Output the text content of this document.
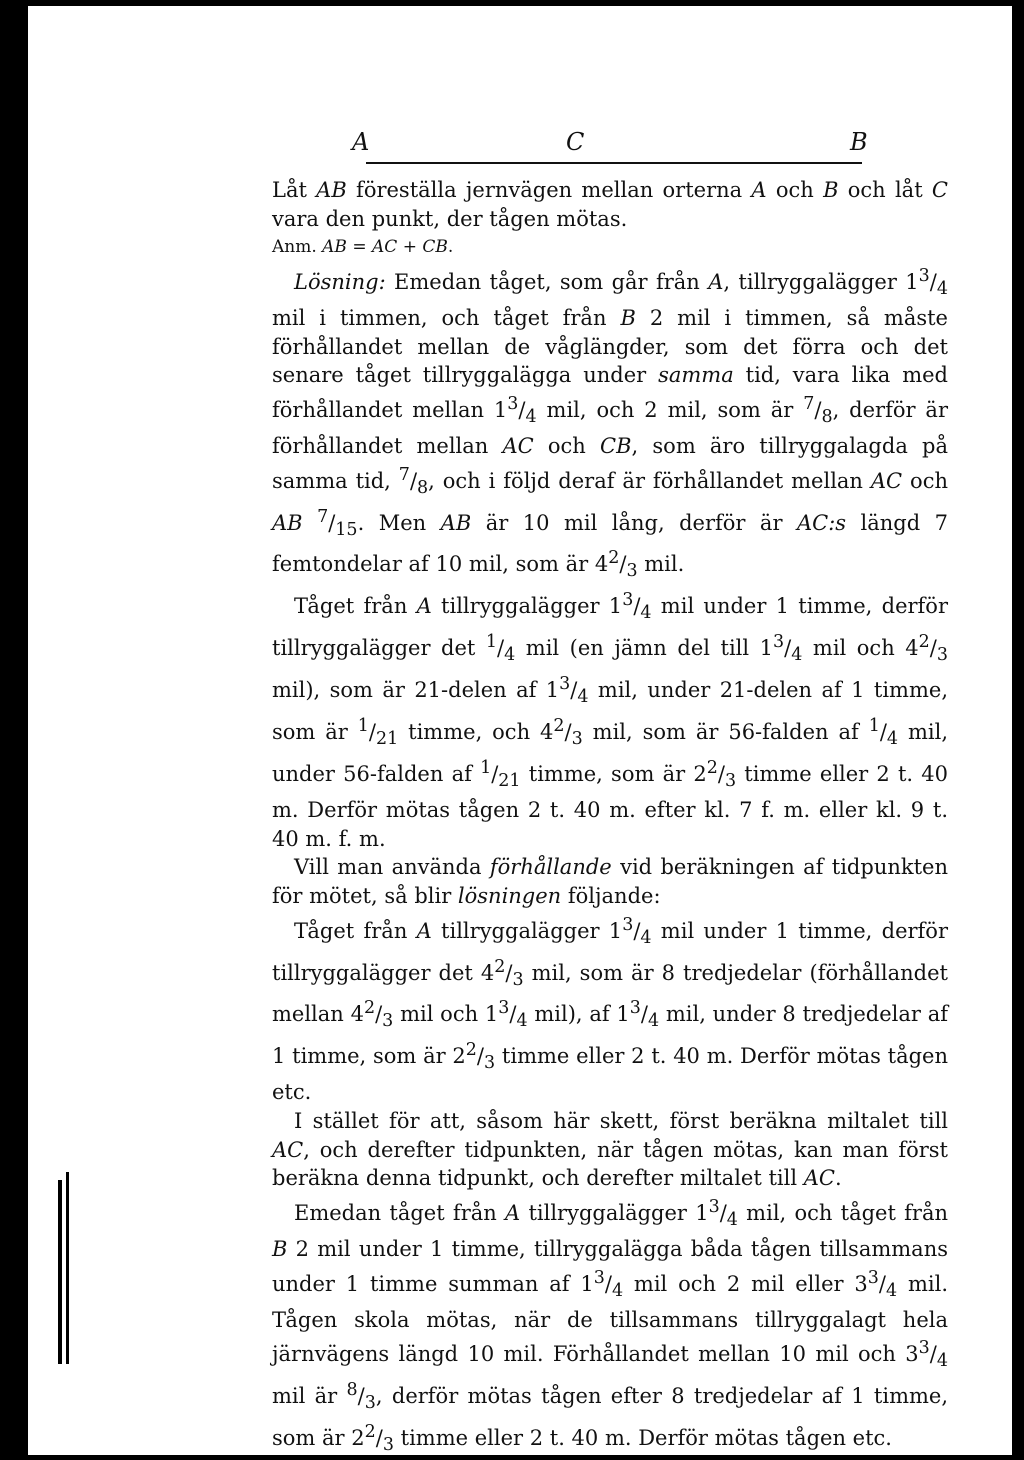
A	C	B

Låt AB föreställa jernvägen mellan orterna A och B och låt C vara den punkt, der tågen mötas.

Anm. AB = AC + CB.

Lösning: Emedan tåget, som går från A, tillryggalägger $1^3/_4$ mil i timmen, och tåget från B 2 mil i timmen, så måste förhållandet mellan de våglängder, som det förra och det senare tåget tillryggalägga under samma tid, vara lika med förhållandet mellan $1^3/_4$ mil, och 2 mil, som är $^7/_8$, derför är förhållandet mellan AC och CB, som äro tillryggalagda på samma tid, $^7/_8$, och i följd deraf är förhållandet mellan AC och AB $^7/_{15}$. Men AB är 10 mil lång, derför är AC:s längd 7 femtondelar af 10 mil, som är $4^2/_3$ mil.

Tåget från A tillryggalägger $1^3/_4$ mil under 1 timme, derför tillryggalägger $\det ^1/_4$ mil (en jämn del till $1^3/_4$ mil och $4^2/_3$ mil), som är 21-delen af $1^3/_4$ mil, under 21-delen af 1 timme, som är $^1/_{21}$ timme, och $4^2/_3$ mil, som är 56-falden af $^1/_4$ mil, under 56-falden af $^1/_{21}$ timme, som är $2^2/_3$ timme eller 2 t. 40 m. Derför mötas tågen 2 t. 40 m. efter kl. 7 f. m. eller kl. 9 t. 40 m. f. m.

Vill man använda förhållande vid beräkningen af tidpunkten för mötet, så blir lösningen följande:

Tåget från A tillryggalägger $1^3/_4$ mil under 1 timme, derför tillryggalägger $\det 4^2/_3$ mil, som är 8 tredjedelar (förhållandet mellan $4^2/_3$ mil och $1^3/_4$ mil), af $1^3/_4$ mil, under 8 tredjedelar af 1 timme, som är $2^2/_3$ timme eller 2 t. 40 m. Derför mötas tågen etc.

I stället för att, såsom här skett, först beräkna miltalet till AC, och derefter tidpunkten, när tågen mötas, kan man först beräkna denna tidpunkt, och derefter miltalet till AC.

Emedan tåget från A tillryggalägger $1^3/_4$ mil, och tåget från B 2 mil under 1 timme, tillryggalägga båda tågen tillsammans under 1 timme summan af $1^3/_4$ mil och 2 mil eller $3^3/_4$ mil. Tågen skola mötas, när de tillsammans tillryggalagt hela järnvägens längd 10 mil. Förhållandet mellan 10 mil och $3^3/_4$ mil är $^8/_3$, derför mötas tågen efter 8 tredjedelar af 1 timme, som är $2^2/_3$ timme eller 2 t. 40 m. Derför mötas tågen etc.
